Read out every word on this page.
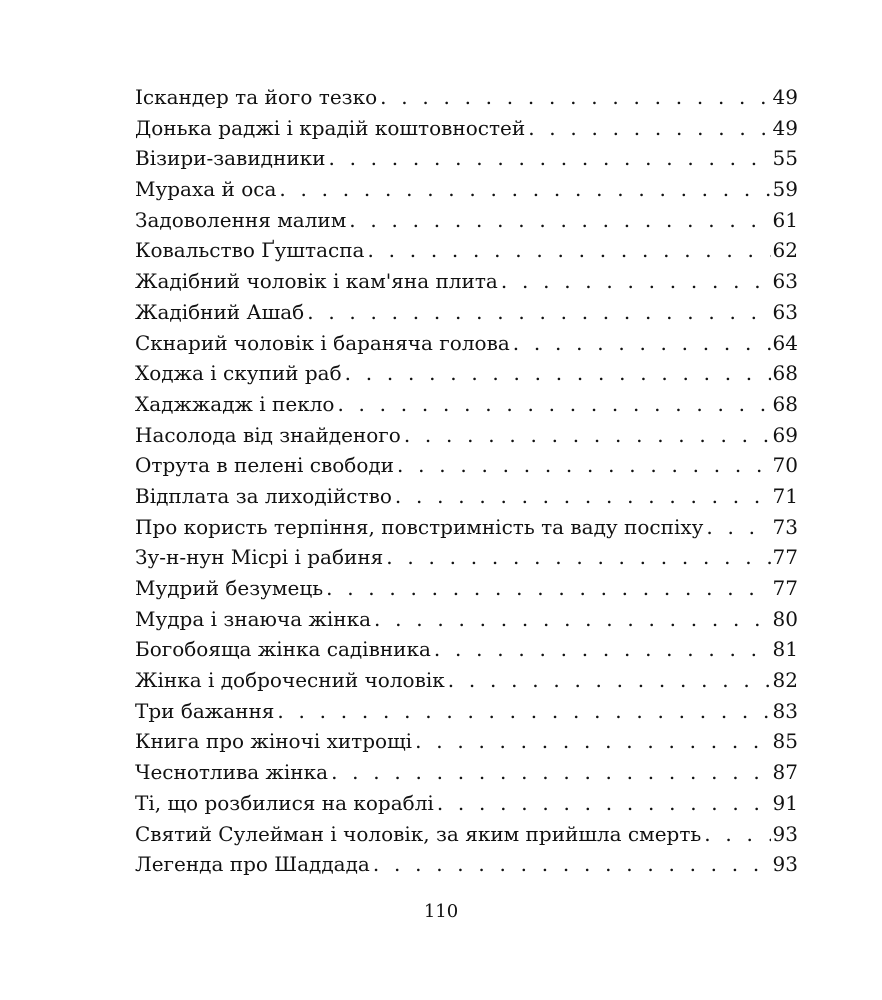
Іскандер та його тезко . . .	49
Донька раджі і крадій коштовностей . . .	49
Візири-завидники . . .	55
Мураха й оса . . .	59
Задоволення малим . . .	61
Ковальство Ґуштаспа . . .	62
Жадібний чоловік і кам'яна плита . . .	63
Жадібний Ашаб . . .	63
Скнарий чоловік і бараняча голова . . .	64
Ходжа і скупий раб . . .	68
Хаджжадж і пекло . . .	68
Насолода від знайденого . . .	69
Отрута в пелені свободи . . .	70
Відплата за лиходійство . . .	71
Про користь терпіння, повстримність та ваду поспіху . . .	73
Зу-н-нун Місрі і рабиня . . .	77
Мудрий безумець . . .	77
Мудра і знаюча жінка . . .	80
Богобояща жінка садівника . . .	81
Жінка і доброчесний чоловік . . .	82
Три бажання . . .	83
Книга про жіночі хитрощі . . .	85
Чеснотлива жінка . . .	87
Ті, що розбилися на кораблі . . .	91
Святий Сулейман і чоловік, за яким прийшла смерть . . .	93
Легенда про Шаддада . . .	93
110
